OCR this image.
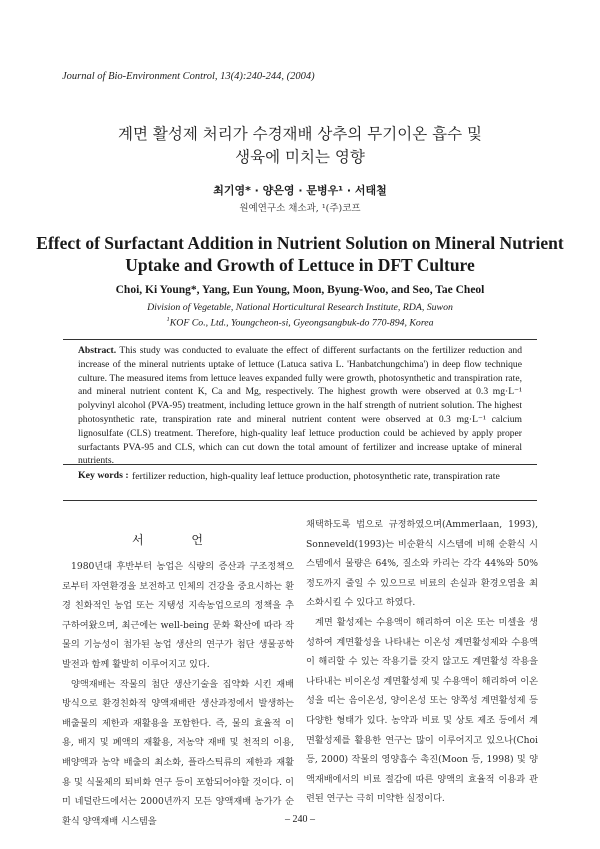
Journal of Bio-Environment Control, 13(4):240-244, (2004)
계면 활성제 처리가 수경재배 상추의 무기이온 흡수 및
생육에 미치는 영향
최기영* · 양은영 · 문병우¹ · 서태철
원예연구소 채소과, ¹(주)코프
Effect of Surfactant Addition in Nutrient Solution on Mineral Nutrient
Uptake and Growth of Lettuce in DFT Culture
Choi, Ki Young*, Yang, Eun Young, Moon, Byung-Woo, and Seo, Tae Cheol
Division of Vegetable, National Horticultural Research Institute, RDA, Suwon
$^1$KOF Co., Ltd., Youngcheon-si, Gyeongsangbuk-do 770-894, Korea
Abstract. This study was conducted to evaluate the effect of different surfactants on the fertilizer reduction and increase of the mineral nutrients uptake of lettuce (Latuca sativa L. 'Hanbatchungchima') in deep flow technique culture. The measured items from lettuce leaves expanded fully were growth, photosynthetic and transpiration rate, and mineral nutrient content K, Ca and Mg, respectively. The highest growth were observed at 0.3 mg·L⁻¹ polyvinyl alcohol (PVA-95) treatment, including lettuce grown in the half strength of nutrient solution. The highest photosynthetic rate, transpiration rate and mineral nutrient content were observed at 0.3 mg·L⁻¹ calcium lignosulfate (CLS) treatment. Therefore, high-quality leaf lettuce production could be achieved by apply proper surfactants PVA-95 and CLS, which can cut down the total amount of fertilizer and increase uptake of mineral nutrients.
Key words : fertilizer reduction, high-quality leaf lettuce production, photosynthetic rate, transpiration rate
서 언

1980년대 후반부터 농업은 식량의 증산과 구조정책으로부터 자연환경을 보전하고 인체의 건강을 중요시하는 환경 친화적인 농업 또는 지탱성 지속농업으로의 정책을 추구하여왔으며, 최근에는 well-being 문화 확산에 따라 작물의 기능성이 첨가된 농업 생산의 연구가 첨단 생물공학 발전과 함께 활발히 이루어지고 있다.

양액재배는 작물의 첨단 생산기술을 집약화 시킨 재배 방식으로 환경친화적 양액재배란 생산과정에서 발생하는 배출물의 제한과 재활용을 포함한다. 즉, 물의 효율적 이용, 배지 및 폐액의 재활용, 저농약 재배 및 천적의 이용, 배양액과 농약 배출의 최소화, 플라스틱류의 제한과 재활용 및 식물체의 퇴비화 연구 등이 포함되어야할 것이다. 이미 네덜란드에서는 2000년까지 모든 양액재배 농가가 순환식 양액재배 시스템을

채택하도록 법으로 규정하였으며(Ammerlaan, 1993), Sonneveld(1993)는 비순환식 시스템에 비해 순환식 시스템에서 물량은 64%, 질소와 카리는 각각 44%와 50% 정도까지 줄일 수 있으므로 비료의 손실과 환경오염을 최소화시킬 수 있다고 하였다.

계면 활성제는 수용액이 해리하여 이온 또는 미셀을 생성하여 계면활성을 나타내는 이온성 계면활성제와 수용액이 해리할 수 있는 작용기를 갖지 않고도 계면활성 작용을 나타내는 비이온성 계면활성제 및 수용액이 해리하여 이온성을 띠는 음이온성, 양이온성 또는 양쪽성 계면활성제 등 다양한 형태가 있다. 농약과 비료 및 상토 제조 등에서 계면활성제를 활용한 연구는 많이 이루어지고 있으나(Choi 등, 2000) 작물의 영양흡수 촉진(Moon 등, 1998) 및 양액재배에서의 비료 절감에 따른 양액의 효율적 이용과 관련된 연구는 극히 미약한 실정이다.

– 240 –
